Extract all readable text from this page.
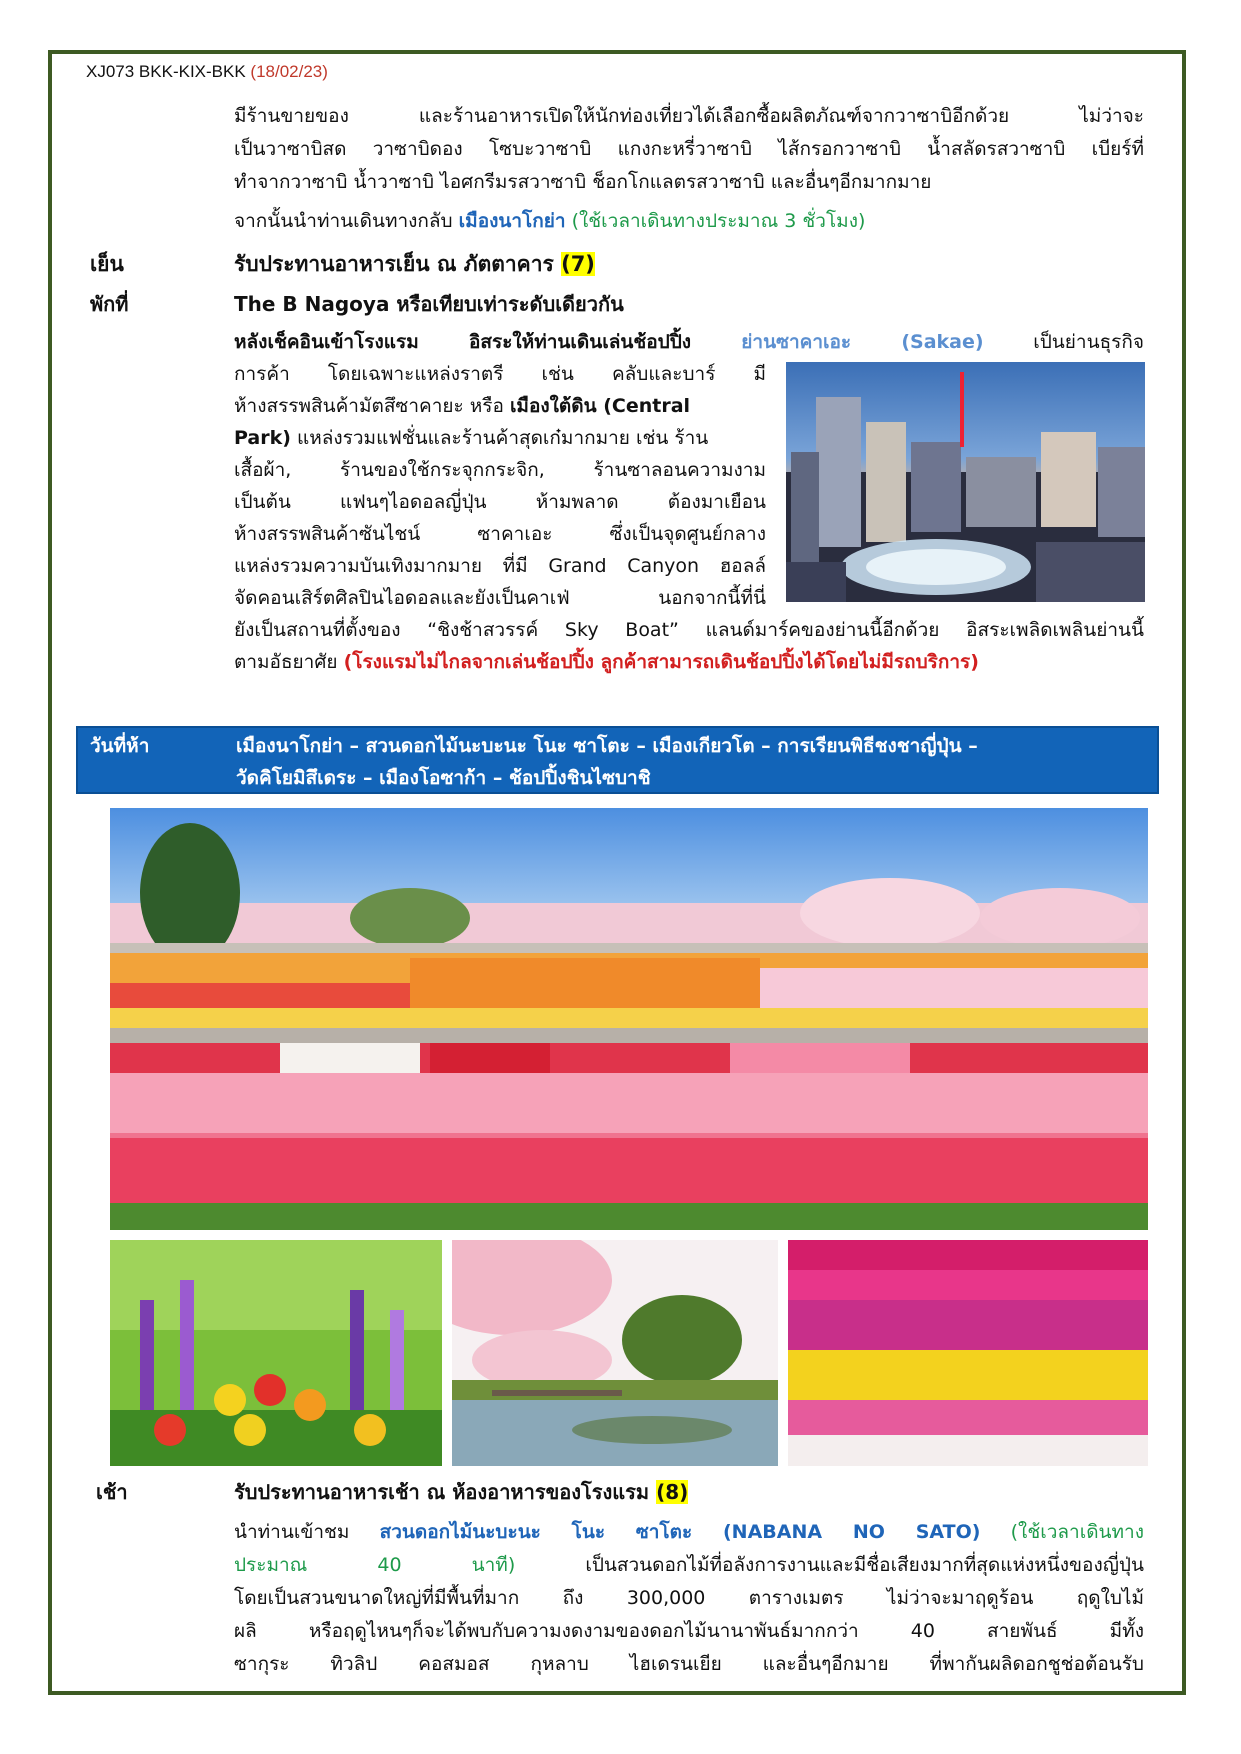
XJ073 BKK-KIX-BKK (18/02/23)
มีร้านขายของ และร้านอาหารเปิดให้นักท่องเที่ยวได้เลือกซื้อผลิตภัณฑ์จากวาซาบิอีกด้วย ไม่ว่าจะ
เป็นวาซาบิสด วาซาบิดอง โซบะวาซาบิ แกงกะหรี่วาซาบิ ไส้กรอกวาซาบิ น้ำสลัดรสวาซาบิ เบียร์ที่
ทำจากวาซาบิ น้ำวาซาบิ ไอศกรีมรสวาซาบิ ช็อกโกแลตรสวาซาบิ และอื่นๆอีกมากมาย
จากนั้นนำท่านเดินทางกลับ เมืองนาโกย่า (ใช้เวลาเดินทางประมาณ 3 ชั่วโมง)
เย็น	รับประทานอาหารเย็น ณ ภัตตาคาร (7)
พักที่	The B Nagoya หรือเทียบเท่าระดับเดียวกัน
หลังเช็คอินเข้าโรงแรม อิสระให้ท่านเดินเล่นช้อปปิ้ง ย่านซาคาเอะ (Sakae) เป็นย่านธุรกิจ
การค้า โดยเฉพาะแหล่งราตรี เช่น คลับและบาร์ มี
ห้างสรรพสินค้ามัตสึซาคายะ หรือ เมืองใต้ดิน (Central
Park) แหล่งรวมแฟชั่นและร้านค้าสุดเก๋มากมาย เช่น ร้าน
เสื้อผ้า, ร้านของใช้กระจุกกระจิก, ร้านซาลอนความงาม
เป็นต้น แฟนๆไอดอลญี่ปุ่น ห้ามพลาด ต้องมาเยือน
ห้างสรรพสินค้าซันไชน์ ซาคาเอะ ซึ่งเป็นจุดศูนย์กลาง
แหล่งรวมความบันเทิงมากมาย ที่มี Grand Canyon ฮอลล์
จัดคอนเสิร์ตศิลปินไอดอลและยังเป็นคาเฟ่ นอกจากนี้ที่นี่
ยังเป็นสถานที่ตั้งของ “ชิงช้าสวรรค์ Sky Boat” แลนด์มาร์คของย่านนี้อีกด้วย อิสระเพลิดเพลินย่านนี้
ตามอัธยาศัย (โรงแรมไม่ไกลจากเล่นช้อปปิ้ง ลูกค้าสามารถเดินช้อปปิ้งได้โดยไม่มีรถบริการ)
วันที่ห้า	เมืองนาโกย่า – สวนดอกไม้นะบะนะ โนะ ซาโตะ – เมืองเกียวโต – การเรียนพิธีชงชาญี่ปุ่น –
วัดคิโยมิสึเดระ – เมืองโอซาก้า – ช้อปปิ้งชินไซบาชิ
เช้า	รับประทานอาหารเช้า ณ ห้องอาหารของโรงแรม (8)
นำท่านเข้าชม สวนดอกไม้นะบะนะ โนะ ซาโตะ (NABANA NO SATO) (ใช้เวลาเดินทาง
ประมาณ 40 นาที) เป็นสวนดอกไม้ที่อลังการงานและมีชื่อเสียงมากที่สุดแห่งหนึ่งของญี่ปุ่น
โดยเป็นสวนขนาดใหญ่ที่มีพื้นที่มาก ถึง 300,000 ตารางเมตร ไม่ว่าจะมาฤดูร้อน ฤดูใบไม้
ผลิ หรือฤดูไหนๆก็จะได้พบกับความงดงามของดอกไม้นานาพันธ์มากกว่า 40 สายพันธ์ มีทั้ง
ซากุระ ทิวลิป คอสมอส กุหลาบ ไฮเดรนเยีย และอื่นๆอีกมาย ที่พากันผลิดอกชูช่อต้อนรับ
